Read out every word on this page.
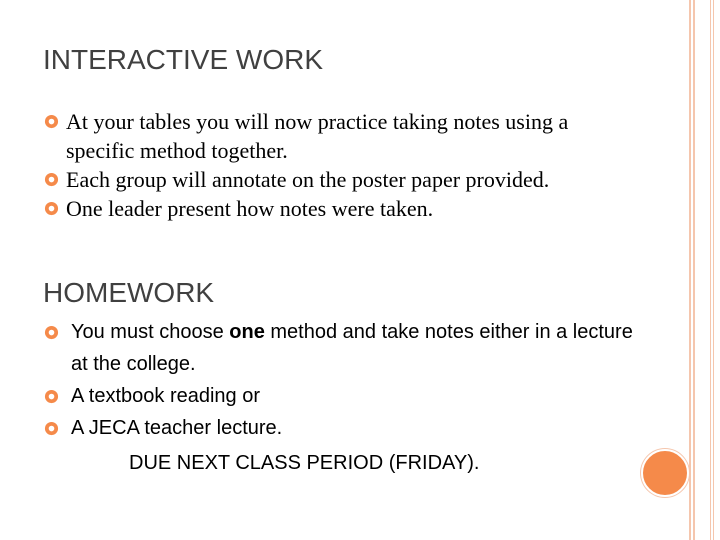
INTERACTIVE WORK
At your tables you will now practice taking notes using a specific method together.
Each group will annotate on the poster paper provided.
One leader present how notes were taken.
HOMEWORK
You must choose one method and take notes either in a lecture at the college.
A textbook reading or
A JECA teacher lecture.
DUE NEXT CLASS PERIOD (FRIDAY).
